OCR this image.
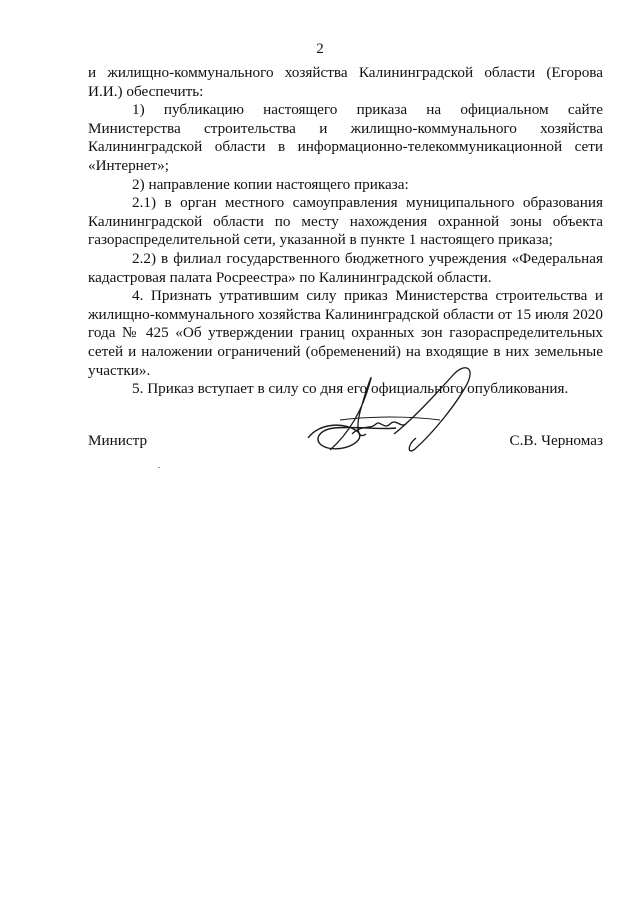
2

и жилищно-коммунального хозяйства Калининградской области (Егорова И.И.) обеспечить:

1) публикацию настоящего приказа на официальном сайте Министерства строительства и жилищно-коммунального хозяйства Калининградской области в информационно-телекоммуникационной сети «Интернет»;

2) направление копии настоящего приказа:

2.1) в орган местного самоуправления муниципального образования Калининградской области по месту нахождения охранной зоны объекта газораспределительной сети, указанной в пункте 1 настоящего приказа;

2.2) в филиал государственного бюджетного учреждения «Федеральная кадастровая палата Росреестра» по Калининградской области.

4. Признать утратившим силу приказ Министерства строительства и жилищно-коммунального хозяйства Калининградской области от 15 июля 2020 года № 425 «Об утверждении границ охранных зон газораспределительных сетей и наложении ограничений (обременений) на входящие в них земельные участки».

5. Приказ вступает в силу со дня его официального опубликования.

Министр	С.В. Черномаз
